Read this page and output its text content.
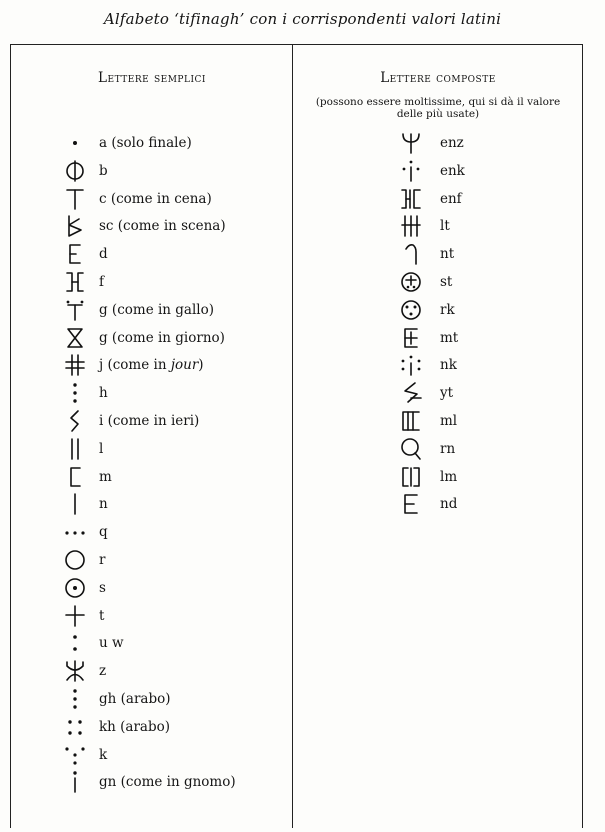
Alfabeto ‘tifinagh’ con i corrispondenti valori latini
Lettere semplici	Lettere composte
(possono essere moltissime, qui si dà il valore
delle più usate)
a (solo finale)
b
c (come in cena)
sc (come in scena)
d
f
g (come in gallo)
g (come in giorno)
j (come in jour)
h
i (come in ieri)
l
m
n
q
r
s
t
u w
z
gh (arabo)
kh (arabo)
k
gn (come in gnomo)
enz
enk
enf
lt
nt
st
rk
mt
nk
yt
ml
rn
lm
nd
